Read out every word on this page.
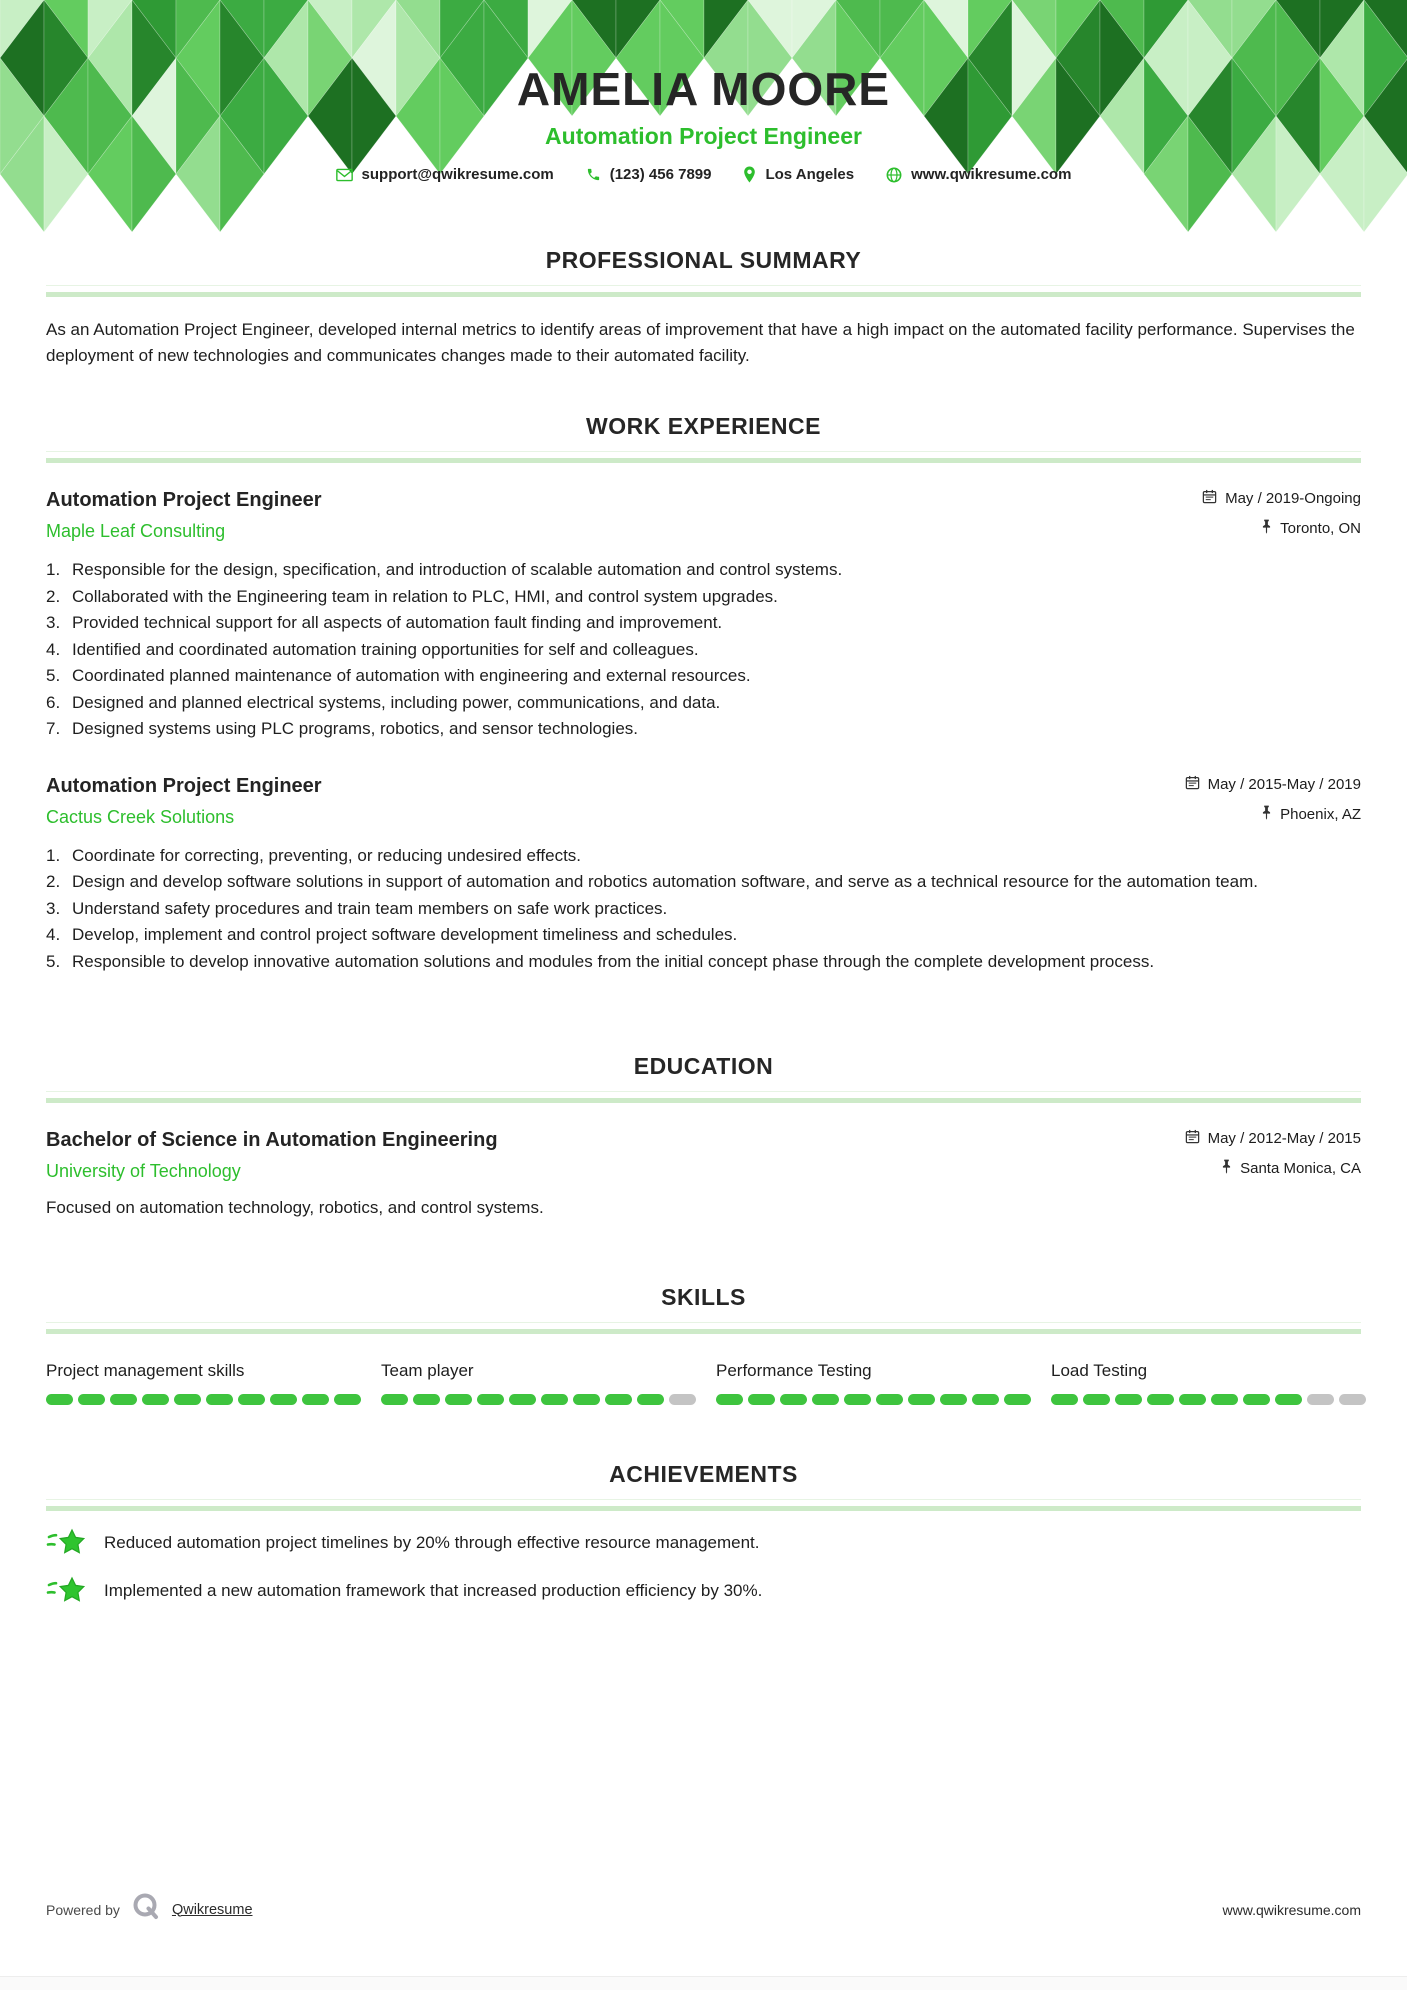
AMELIA MOORE
Automation Project Engineer
support@qwikresume.com	(123) 456 7899	Los Angeles	www.qwikresume.com
PROFESSIONAL SUMMARY

As an Automation Project Engineer, developed internal metrics to identify areas of improvement that have a high impact on the automated facility performance. Supervises the deployment of new technologies and communicates changes made to their automated facility.

WORK EXPERIENCE
Automation Project Engineer
Maple Leaf Consulting
May / 2019-Ongoing
Toronto, ON
Responsible for the design, specification, and introduction of scalable automation and control systems.
Collaborated with the Engineering team in relation to PLC, HMI, and control system upgrades.
Provided technical support for all aspects of automation fault finding and improvement.
Identified and coordinated automation training opportunities for self and colleagues.
Coordinated planned maintenance of automation with engineering and external resources.
Designed and planned electrical systems, including power, communications, and data.
Designed systems using PLC programs, robotics, and sensor technologies.
Automation Project Engineer
Cactus Creek Solutions
May / 2015-May / 2019
Phoenix, AZ
Coordinate for correcting, preventing, or reducing undesired effects.
Design and develop software solutions in support of automation and robotics automation software, and serve as a technical resource for the automation team.
Understand safety procedures and train team members on safe work practices.
Develop, implement and control project software development timeliness and schedules.
Responsible to develop innovative automation solutions and modules from the initial concept phase through the complete development process.
EDUCATION
Bachelor of Science in Automation Engineering
University of Technology
May / 2012-May / 2015
Santa Monica, CA

Focused on automation technology, robotics, and control systems.

SKILLS
Project management skills	Team player	Performance Testing	Load Testing
ACHIEVEMENTS
Reduced automation project timelines by 20% through effective resource management.
Implemented a new automation framework that increased production efficiency by 30%.
Powered by	Qwikresume	www.qwikresume.com
